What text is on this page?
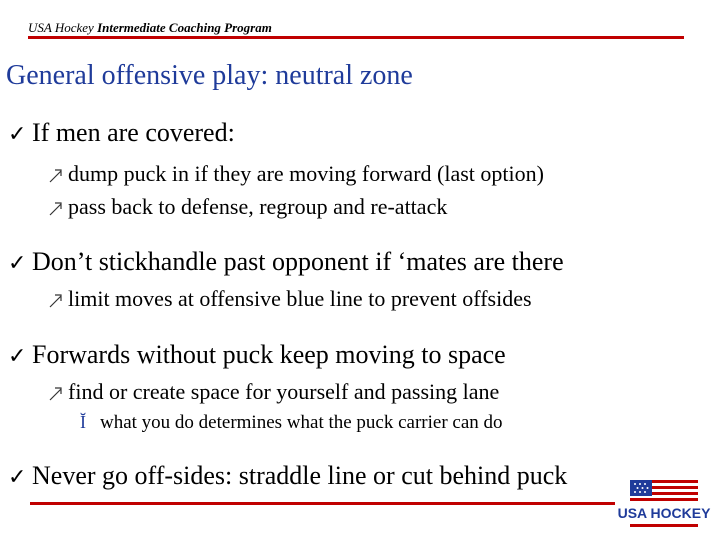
USA Hockey Intermediate Coaching Program
General offensive play: neutral zone
✓ If men are covered:
dump puck in if they are moving forward (last option)
pass back to defense, regroup and re-attack
✓ Don’t stickhandle past opponent if ‘mates are there
limit moves at offensive blue line to prevent offsides
✓ Forwards without puck keep moving to space
find or create space for yourself and passing lane
Ĭ what you do determines what the puck carrier can do
✓ Never go off-sides: straddle line or cut behind puck
USA HOCKEY
